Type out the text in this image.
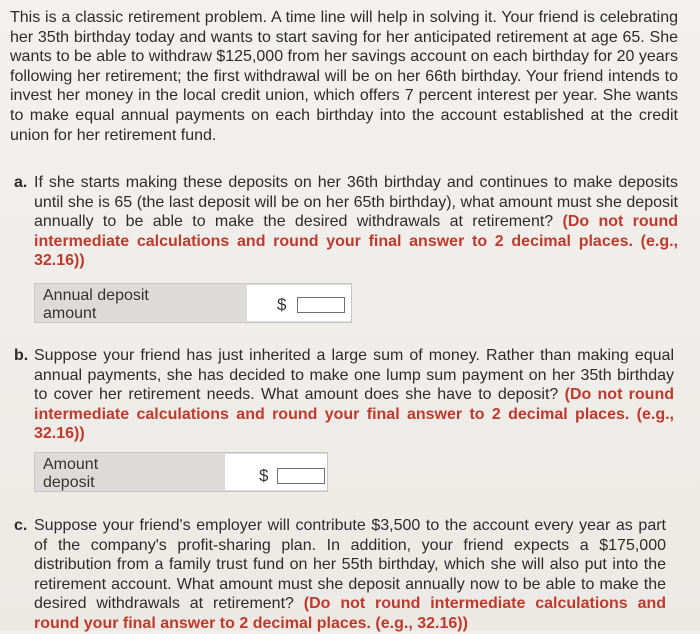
This is a classic retirement problem. A time line will help in solving it. Your friend is celebrating her 35th birthday today and wants to start saving for her anticipated retirement at age 65. She wants to be able to withdraw $125,000 from her savings account on each birthday for 20 years following her retirement; the first withdrawal will be on her 66th birthday. Your friend intends to invest her money in the local credit union, which offers 7 percent interest per year. She wants to make equal annual payments on each birthday into the account established at the credit union for her retirement fund.
a. If she starts making these deposits on her 36th birthday and continues to make deposits until she is 65 (the last deposit will be on her 65th birthday), what amount must she deposit annually to be able to make the desired withdrawals at retirement? (Do not round intermediate calculations and round your final answer to 2 decimal places. (e.g., 32.16))
Annual deposit amount	$
b. Suppose your friend has just inherited a large sum of money. Rather than making equal annual payments, she has decided to make one lump sum payment on her 35th birthday to cover her retirement needs. What amount does she have to deposit? (Do not round intermediate calculations and round your final answer to 2 decimal places. (e.g., 32.16))
Amount deposit	$
c. Suppose your friend's employer will contribute $3,500 to the account every year as part of the company's profit-sharing plan. In addition, your friend expects a $175,000 distribution from a family trust fund on her 55th birthday, which she will also put into the retirement account. What amount must she deposit annually now to be able to make the desired withdrawals at retirement? (Do not round intermediate calculations and round your final answer to 2 decimal places. (e.g., 32.16))
